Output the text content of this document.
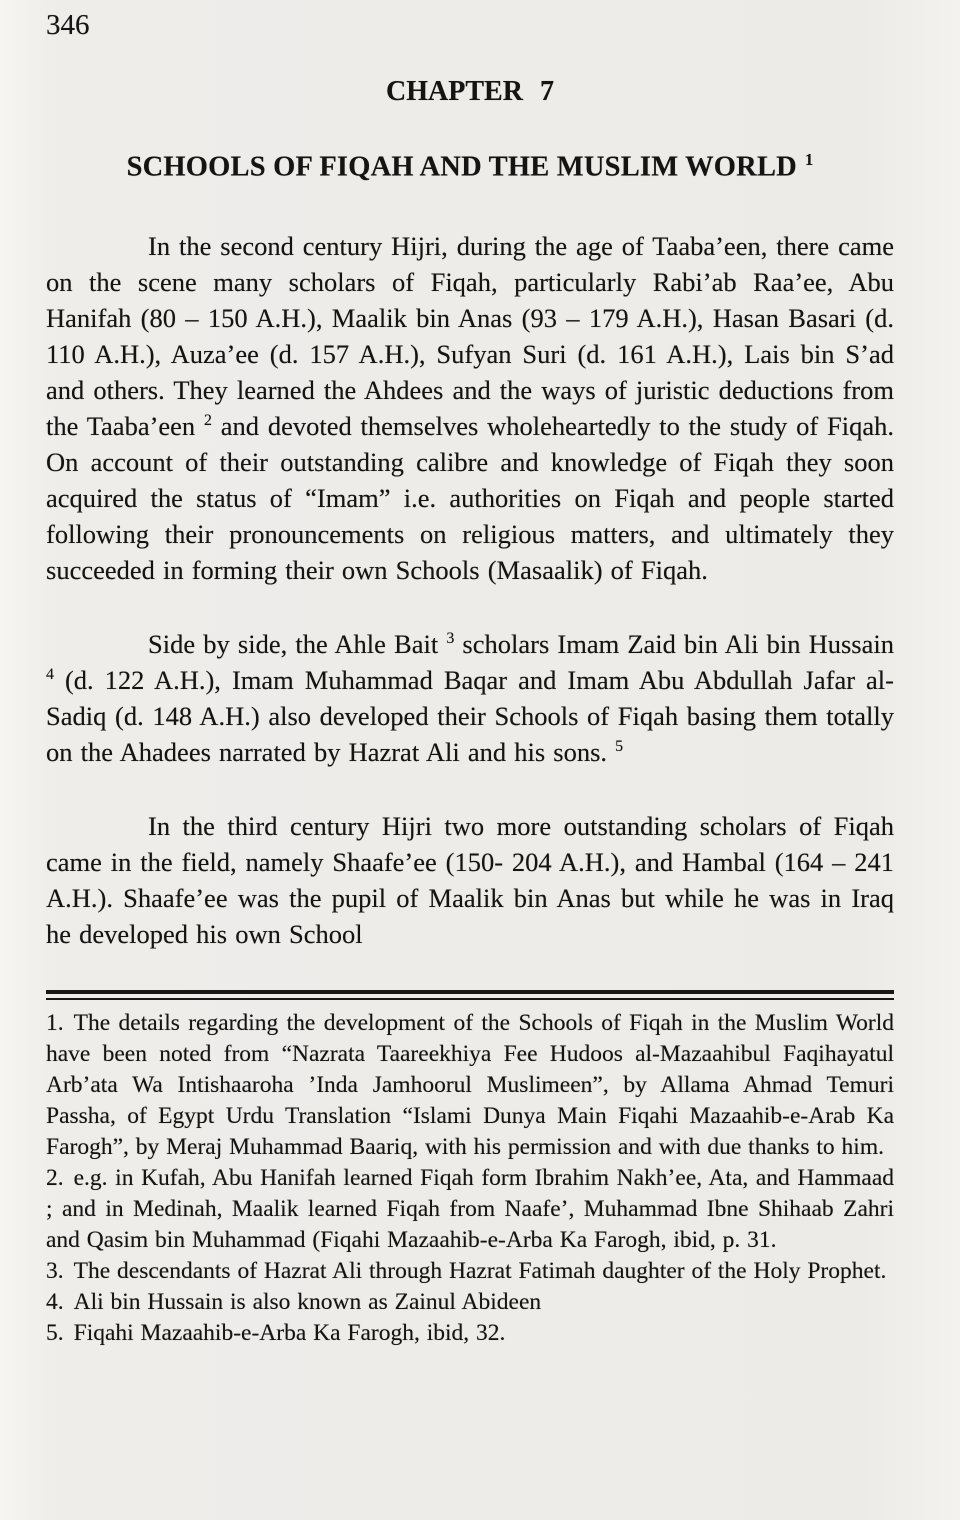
346
CHAPTER 7
SCHOOLS OF FIQAH AND THE MUSLIM WORLD $^1$

In the second century Hijri, during the age of Taaba’een, there came on the scene many scholars of Fiqah, particularly Rabi’ab Raa’ee, Abu Hanifah (80 – 150 A.H.), Maalik bin Anas (93 – 179 A.H.), Hasan Basari (d. 110 A.H.), Auza’ee (d. 157 A.H.), Sufyan Suri (d. 161 A.H.), Lais bin S’ad and others. They learned the Ahdees and the ways of juristic deductions from the Taaba’een $^2$ and devoted themselves wholeheartedly to the study of Fiqah. On account of their outstanding calibre and knowledge of Fiqah they soon acquired the status of “Imam” i.e. authorities on Fiqah and people started following their pronouncements on religious matters, and ultimately they succeeded in forming their own Schools (Masaalik) of Fiqah.

Side by side, the Ahle Bait $^3$ scholars Imam Zaid bin Ali bin Hussain $^4$ (d. 122 A.H.), Imam Muhammad Baqar and Imam Abu Abdullah Jafar al-Sadiq (d. 148 A.H.) also developed their Schools of Fiqah basing them totally on the Ahadees narrated by Hazrat Ali and his sons. $^5$

In the third century Hijri two more outstanding scholars of Fiqah came in the field, namely Shaafe’ee (150- 204 A.H.), and Hambal (164 – 241 A.H.). Shaafe’ee was the pupil of Maalik bin Anas but while he was in Iraq he developed his own School

1. The details regarding the development of the Schools of Fiqah in the Muslim World have been noted from “Nazrata Taareekhiya Fee Hudoos al-Mazaahibul Faqihayatul Arb’ata Wa Intishaaroha ’Inda Jamhoorul Muslimeen”, by Allama Ahmad Temuri Passha, of Egypt Urdu Translation “Islami Dunya Main Fiqahi Mazaahib-e-Arab Ka Farogh”, by Meraj Muhammad Baariq, with his permission and with due thanks to him.
2. e.g. in Kufah, Abu Hanifah learned Fiqah form Ibrahim Nakh’ee, Ata, and Hammaad ; and in Medinah, Maalik learned Fiqah from Naafe’, Muhammad Ibne Shihaab Zahri and Qasim bin Muhammad (Fiqahi Mazaahib-e-Arba Ka Farogh, ibid, p. 31.
3. The descendants of Hazrat Ali through Hazrat Fatimah daughter of the Holy Prophet.
4. Ali bin Hussain is also known as Zainul Abideen
5. Fiqahi Mazaahib-e-Arba Ka Farogh, ibid, 32.
